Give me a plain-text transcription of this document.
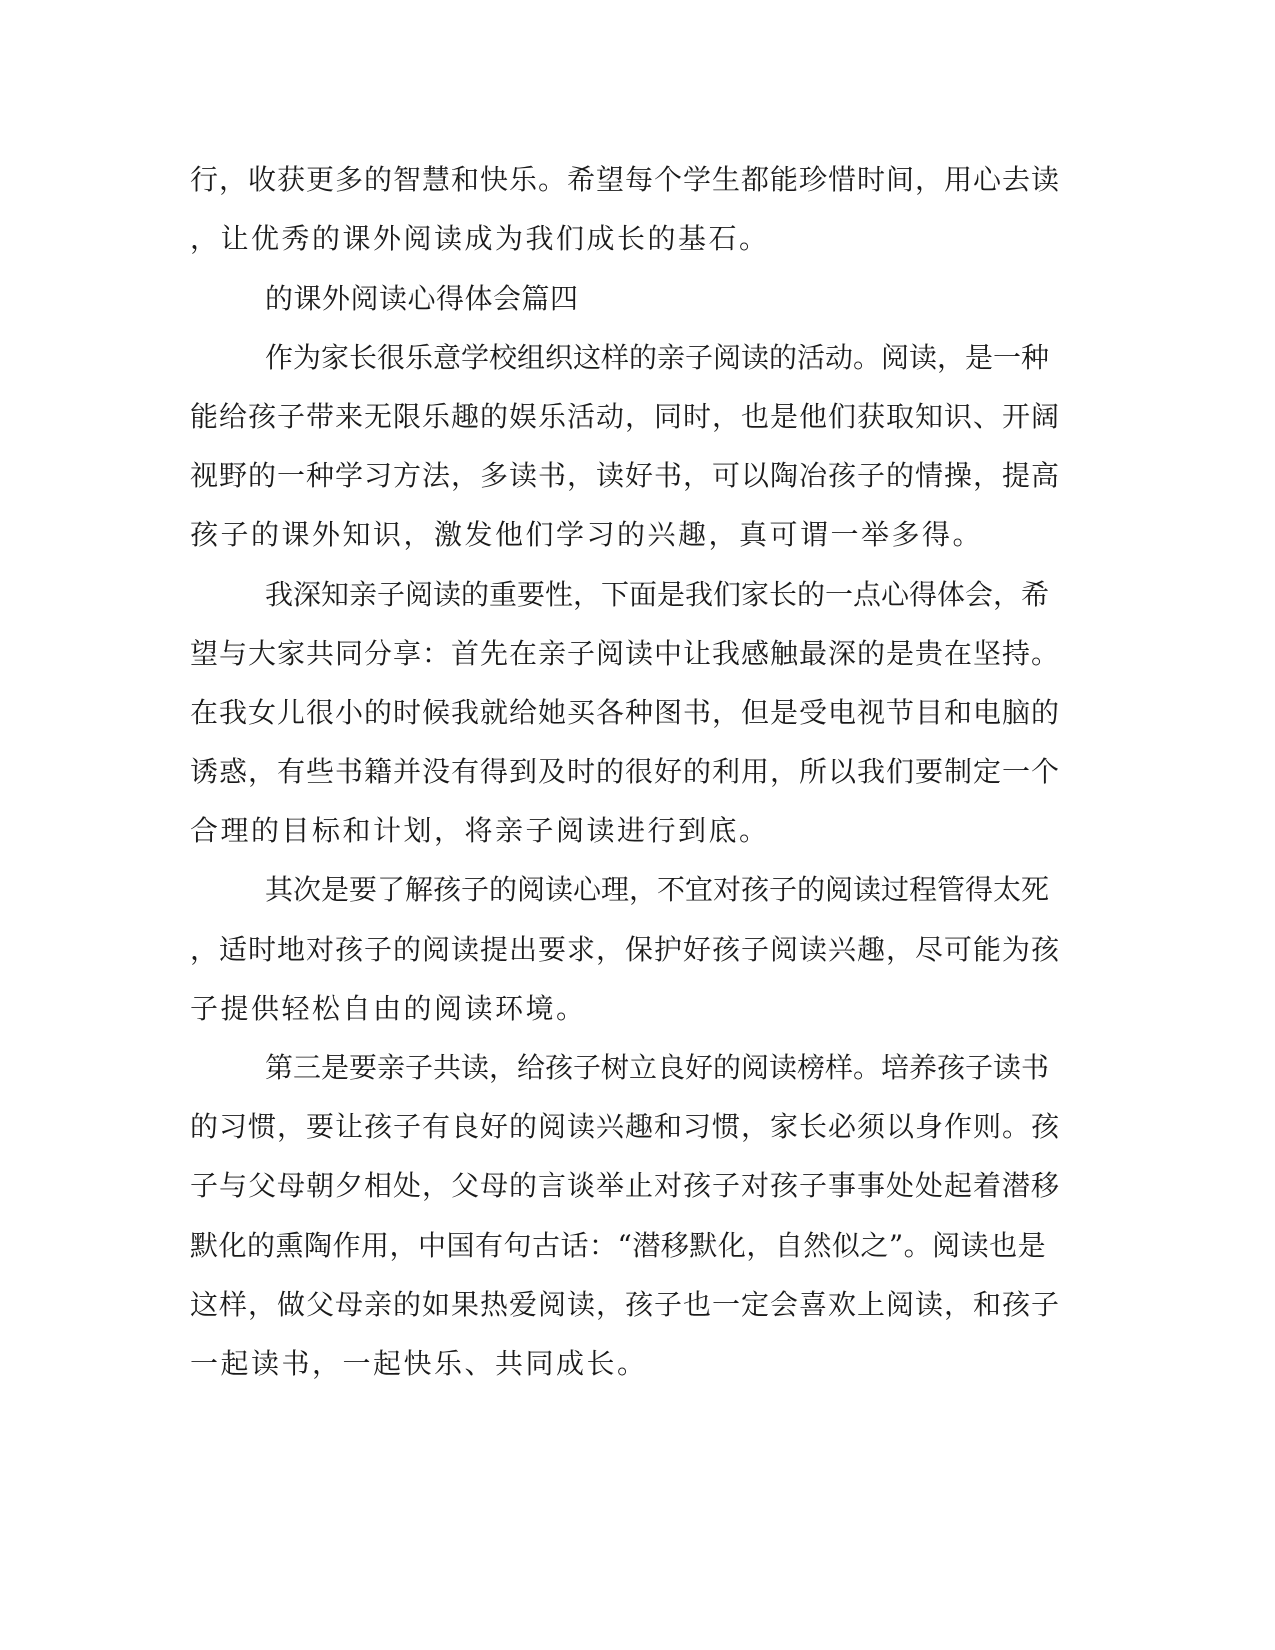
行，收获更多的智慧和快乐。希望每个学生都能珍惜时间，用心去读
，让优秀的课外阅读成为我们成长的基石。
的课外阅读心得体会篇四
作为家长很乐意学校组织这样的亲子阅读的活动。阅读，是一种
能给孩子带来无限乐趣的娱乐活动，同时，也是他们获取知识、开阔
视野的一种学习方法，多读书，读好书，可以陶冶孩子的情操，提高
孩子的课外知识，激发他们学习的兴趣，真可谓一举多得。
我深知亲子阅读的重要性，下面是我们家长的一点心得体会，希
望与大家共同分享：首先在亲子阅读中让我感触最深的是贵在坚持。
在我女儿很小的时候我就给她买各种图书，但是受电视节目和电脑的
诱惑，有些书籍并没有得到及时的很好的利用，所以我们要制定一个
合理的目标和计划，将亲子阅读进行到底。
其次是要了解孩子的阅读心理，不宜对孩子的阅读过程管得太死
，适时地对孩子的阅读提出要求，保护好孩子阅读兴趣，尽可能为孩
子提供轻松自由的阅读环境。
第三是要亲子共读，给孩子树立良好的阅读榜样。培养孩子读书
的习惯，要让孩子有良好的阅读兴趣和习惯，家长必须以身作则。孩
子与父母朝夕相处，父母的言谈举止对孩子对孩子事事处处起着潜移
默化的熏陶作用，中国有句古话：“潜移默化，自然似之”。阅读也是
这样，做父母亲的如果热爱阅读，孩子也一定会喜欢上阅读，和孩子
一起读书，一起快乐、共同成长。
